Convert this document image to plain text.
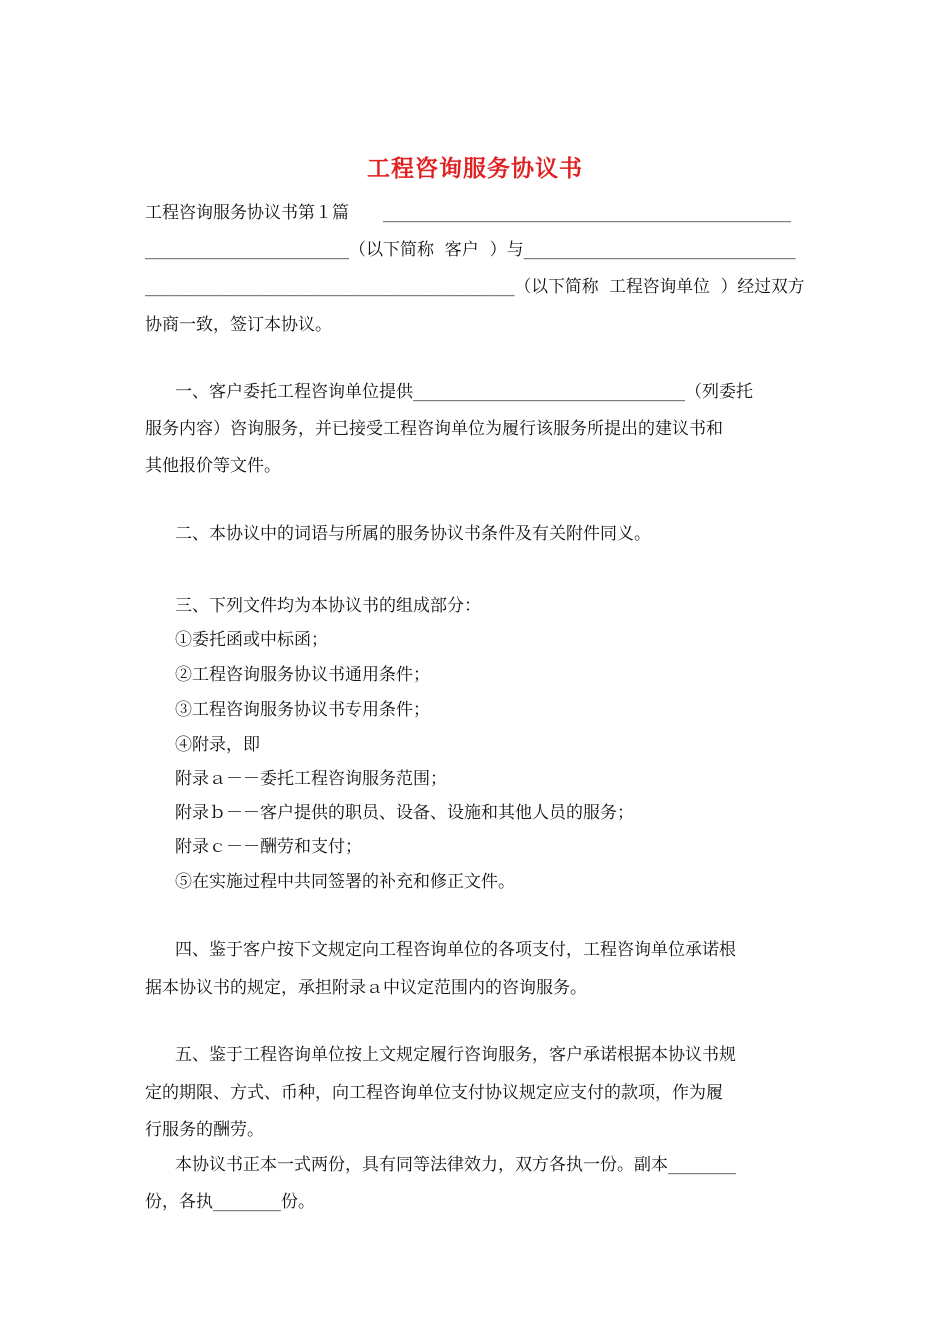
工程咨询服务协议书
工程咨询服务协议书第１篇　　________________________________________________
________________________（以下简称  客户  ）与________________________________
____________________________________________（以下简称  工程咨询单位  ）经过双方
协商一致，签订本协议。
一、客户委托工程咨询单位提供________________________________（列委托
服务内容）咨询服务，并已接受工程咨询单位为履行该服务所提出的建议书和
其他报价等文件。
二、本协议中的词语与所属的服务协议书条件及有关附件同义。
三、下列文件均为本协议书的组成部分：
①委托函或中标函；
②工程咨询服务协议书通用条件；
③工程咨询服务协议书专用条件；
④附录，即
附录ａ－－委托工程咨询服务范围；
附录ｂ－－客户提供的职员、设备、设施和其他人员的服务；
附录ｃ－－酬劳和支付；
⑤在实施过程中共同签署的补充和修正文件。
四、鉴于客户按下文规定向工程咨询单位的各项支付，工程咨询单位承诺根
据本协议书的规定，承担附录ａ中议定范围内的咨询服务。
五、鉴于工程咨询单位按上文规定履行咨询服务，客户承诺根据本协议书规
定的期限、方式、币种，向工程咨询单位支付协议规定应支付的款项，作为履
行服务的酬劳。
本协议书正本一式两份，具有同等法律效力，双方各执一份。副本________
份，各执________份。
